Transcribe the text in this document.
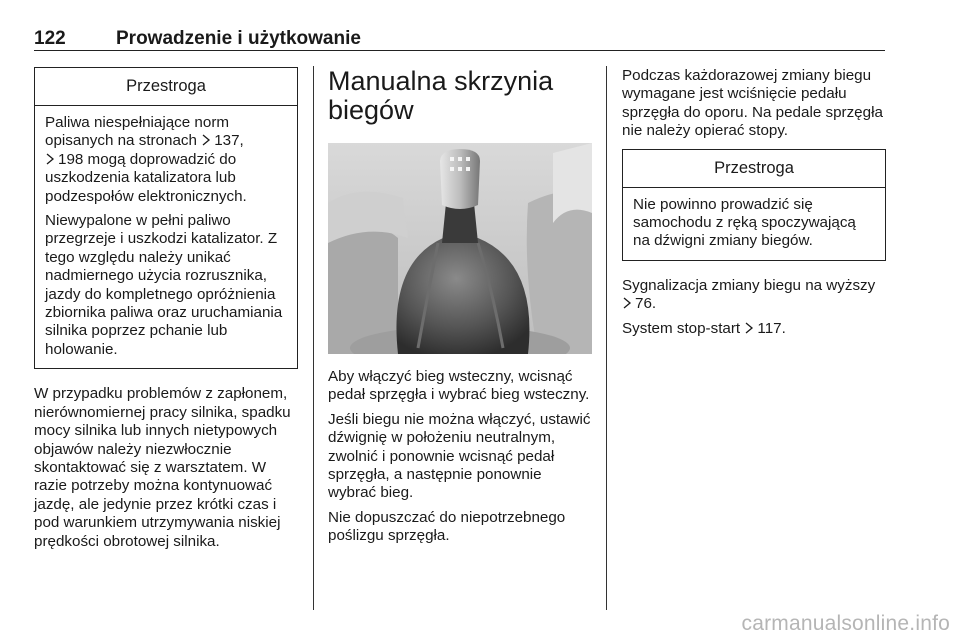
122	Prowadzenie i użytkowanie
Przestroga

Paliwa niespełniające norm opisanych na stronach 137,
198 mogą doprowadzić do uszkodzenia katalizatora lub podzespołów elektronicznych.

Niewypalone w pełni paliwo przegrzeje i uszkodzi katalizator. Z tego względu należy unikać nadmiernego użycia rozrusznika, jazdy do kompletnego opróżnienia zbiornika paliwa oraz uruchamiania silnika poprzez pchanie lub holowanie.

W przypadku problemów z zapłonem, nierównomiernej pracy silnika, spadku mocy silnika lub innych nietypowych objawów należy niezwłocznie skontaktować się z warsztatem. W razie potrzeby można kontynuować jazdę, ale jedynie przez krótki czas i pod warunkiem utrzymywania niskiej prędkości obrotowej silnika.

Manualna skrzynia biegów

Aby włączyć bieg wsteczny, wcisnąć pedał sprzęgła i wybrać bieg wsteczny.

Jeśli biegu nie można włączyć, ustawić dźwignię w położeniu neutralnym, zwolnić i ponownie wcisnąć pedał sprzęgła, a następnie ponownie wybrać bieg.

Nie dopuszczać do niepotrzebnego poślizgu sprzęgła.

Podczas każdorazowej zmiany biegu wymagane jest wciśnięcie pedału sprzęgła do oporu. Na pedale sprzęgła nie należy opierać stopy.

Przestroga

Nie powinno prowadzić się samochodu z ręką spoczywającą na dźwigni zmiany biegów.

Sygnalizacja zmiany biegu na wyższy
76.

System stop-start 117.

carmanualsonline.info
